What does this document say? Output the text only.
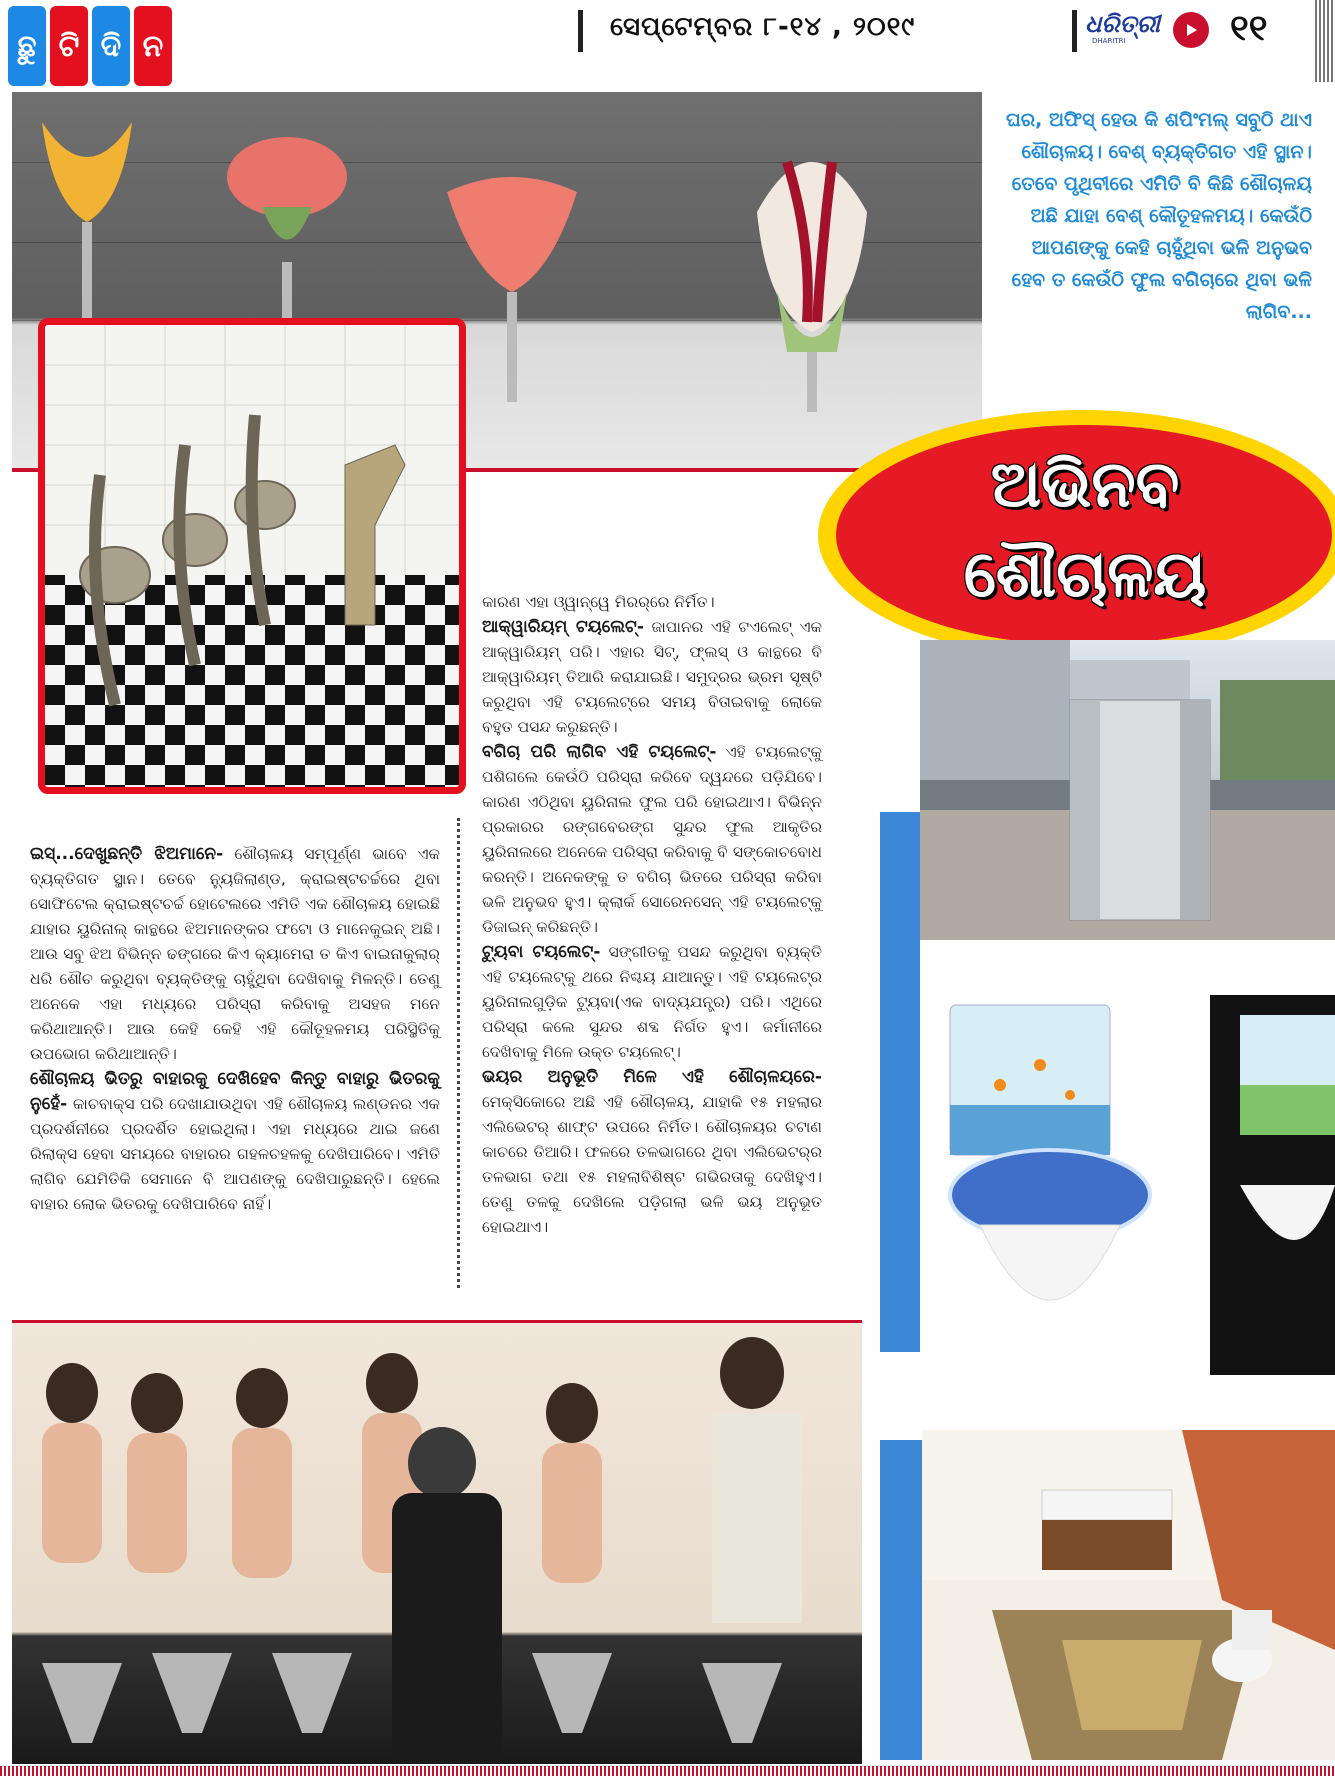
ଛୁ ଟି ଦି ନ
ସେପ୍ଟେମ୍ବର ୮-୧୪ , ୨୦୧୯	ଧରିତ୍ରୀ
DHARITRI	୧୧
ଘର, ଅଫିସ୍ ହେଉ କି ଶପିଂମଲ୍ ସବୁଠି ଥାଏ ଶୌଚାଳୟ। ବେଶ୍ ବ୍ୟକ୍ତିଗତ ଏହି ସ୍ଥାନ। ତେବେ ପୃଥିବୀରେ ଏମିତି ବି କିଛି ଶୌଚାଳୟ ଅଛି ଯାହା ବେଶ୍ କୌତୂହଳମୟ। କେଉଁଠି ଆପଣଙ୍କୁ କେହି ଚାହୁଁଥିବା ଭଳି ଅନୁଭବ ହେବ ତ କେଉଁଠି ଫୁଲ ବଗିଚାରେ ଥିବା ଭଳି ଲାଗିବ...
ଅଭିନବ
ଶୌଚାଳୟ

ଇସ୍...ଦେଖୁଛନ୍ତି ଝିଅମାନେ- ଶୌଚାଳୟ ସମ୍ପୂର୍ଣ୍ଣ ଭାବେ ଏକ ବ୍ୟକ୍ତିଗତ ସ୍ଥାନ। ତେବେ ନ୍ୟୁଜିଲାଣ୍ଡ, କ୍ରାଇଷ୍ଟଚର୍ଚ୍ଚରେ ଥିବା ସୋଫିଟେଲ କ୍ରାଇଷ୍ଟଚର୍ଚ୍ଚ ହୋଟେଲରେ ଏମିତି ଏକ ଶୌଚାଳୟ ହୋଇଛି ଯାହାର ୟୁରିନାଲ୍ କାନ୍ଥରେ ଝିଅମାନଙ୍କର ଫଟୋ ଓ ମାନେକୁଇନ୍ ଅଛି। ଆଉ ସବୁ ଝିଅ ବିଭିନ୍ନ ଢଙ୍ଗରେ କିଏ କ୍ୟାମେରା ତ କିଏ ବାଇନାକୁଲାର୍ ଧରି ଶୌଚ କରୁଥିବା ବ୍ୟକ୍ତିଙ୍କୁ ଚାହୁଁଥିବା ଦେଖିବାକୁ ମିଳନ୍ତି। ତେଣୁ ଅନେକେ ଏହା ମଧ୍ୟରେ ପରିସ୍ରା କରିବାକୁ ଅସହଜ ମନେ କରିଥାଆନ୍ତି। ଆଉ କେହି କେହି ଏହି କୌତୂହଳମୟ ପରିସ୍ଥିତିକୁ ଉପଭୋଗ କରିଥାଆନ୍ତି।

ଶୌଚାଳୟ ଭିତରୁ ବାହାରକୁ ଦେଖିହେବ କିନ୍ତୁ ବାହାରୁ ଭିତରକୁ ନୁହେଁ- କାଚବାକ୍ସ ପରି ଦେଖାଯାଉଥିବା ଏହି ଶୌଚାଳୟ ଲଣ୍ଡନର ଏକ ପ୍ରଦର୍ଶନୀରେ ପ୍ରଦର୍ଶିତ ହୋଇଥିଲା। ଏହା ମଧ୍ୟରେ ଥାଇ ଜଣେ ରିଲାକ୍ସ ହେବା ସମୟରେ ବାହାରର ଗହଳଚହଳକୁ ଦେଖିପାରିବେ। ଏମିତି ଲାଗିବ ଯେମିତିକି ସେମାନେ ବି ଆପଣଙ୍କୁ ଦେଖିପାରୁଛନ୍ତି। ହେଲେ ବାହାର ଲୋକ ଭିତରକୁ ଦେଖିପାରିବେ ନାହିଁ।

କାରଣ ଏହା ଓ୍ୱାନ୍‌ୱେ ମିରର୍‌ରେ ନିର୍ମିତ।

ଆକ୍ୱାରିୟମ୍ ଟୟଲେଟ୍- ଜାପାନର ଏହି ଟଏଲେଟ୍ ଏକ ଆକ୍ୱାରିୟମ୍ ପରି। ଏହାର ସିଟ୍, ଫ୍ଲସ୍ ଓ କାନ୍ଥରେ ବି ଆକ୍ୱାରିୟମ୍ ତିଆରି କରାଯାଇଛି। ସମୁଦ୍ରର ଭ୍ରମ ସୃଷ୍ଟି କରୁଥିବା ଏହି ଟୟଲେଟ୍‌ରେ ସମୟ ବିତାଇବାକୁ ଲୋକେ ବହୁତ ପସନ୍ଦ କରୁଛନ୍ତି।

ବଗିଚା ପରି ଲାଗିବ ଏହି ଟୟଲେଟ୍- ଏହି ଟୟଲେଟ୍‌କୁ ପଶିଗଲେ କେଉଁଠି ପରିସ୍ରା କରିବେ ଦ୍ୱନ୍ଦରେ ପଡ଼ିଯିବେ। କାରଣ ଏଠିଥିବା ୟୁରିନାଲ ଫୁଲ ପରି ହୋଇଥାଏ। ବିଭିନ୍ନ ପ୍ରକାରର ରଙ୍ଗବେରଙ୍ଗ ସୁନ୍ଦର ଫୁଲ ଆକୃତିର ୟୁରିନାଲରେ ଅନେକେ ପରିସ୍ରା କରିବାକୁ ବି ସଙ୍କୋଚବୋଧ କରନ୍ତି। ଅନେକଙ୍କୁ ତ ବଗିଚା ଭିତରେ ପରିସ୍ରା କରିବା ଭଳି ଅନୁଭବ ହୁଏ। କ୍ଲାର୍କ ସୋରେନସେନ୍ ଏହି ଟୟଲେଟ୍‌କୁ ଡିଜାଇନ୍ କରିଛନ୍ତି।

ଟ୍ୟୁବା ଟୟଲେଟ୍- ସଙ୍ଗୀତକୁ ପସନ୍ଦ କରୁଥିବା ବ୍ୟକ୍ତି ଏହି ଟୟଲେଟ୍‌କୁ ଥରେ ନିଶ୍ଚୟ ଯାଆନ୍ତୁ। ଏହି ଟୟଲେଟ୍‌ର ୟୁରିନାଲଗୁଡ଼ିକ ଟ୍ୟୁବା(ଏକ ବାଦ୍ୟଯନ୍ତ୍ର) ପରି। ଏଥିରେ ପରିସ୍ରା କଲେ ସୁନ୍ଦର ଶବ୍ଦ ନିର୍ଗତ ହୁଏ। ଜର୍ମାନୀରେ ଦେଖିବାକୁ ମିଳେ ଉକ୍ତ ଟୟଲେଟ୍।

ଭୟର ଅନୁଭୂତି ମିଳେ ଏହି ଶୌଚାଳୟରେ- ମେକ୍ସିକୋରେ ଅଛି ଏହି ଶୌଚାଳୟ, ଯାହାକି ୧୫ ମହଲାର ଏଲିଭେଟର୍ ଶାଫ୍ଟ ଉପରେ ନିର୍ମିତ। ଶୌଚାଳୟର ଚଟାଣ କାଚରେ ତିଆରି। ଫଳରେ ତଳଭାଗରେ ଥିବା ଏଲିଭେଟର୍‌ର ତଳଭାଗ ତଥା ୧୫ ମହଲାବିଶିଷ୍ଟ ଗଭିରତାକୁ ଦେଖିହୁଏ। ତେଣୁ ତଳକୁ ଦେଖିଲେ ପଡ଼ିଗଲା ଭଳି ଭୟ ଅନୁଭୂତ ହୋଇଥାଏ।
